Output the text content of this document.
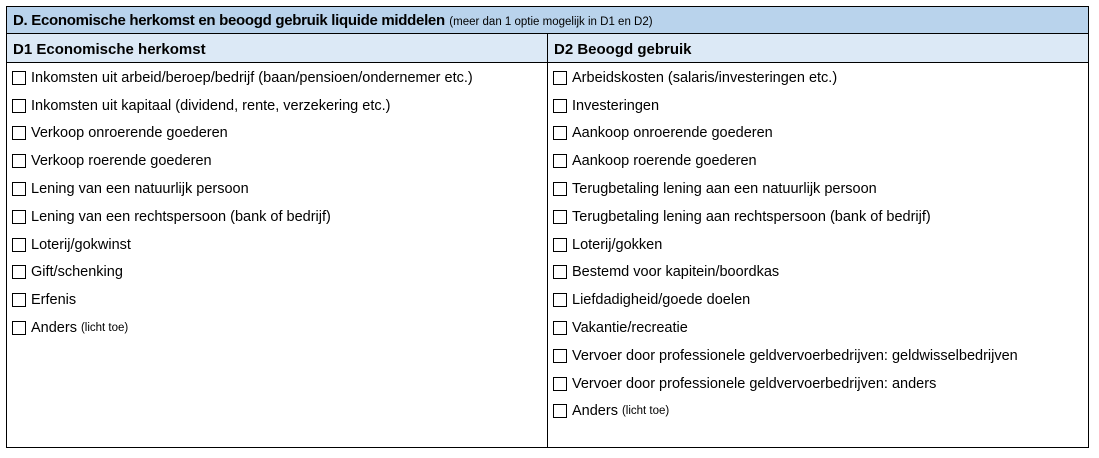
D. Economische herkomst en beoogd gebruik liquide middelen (meer dan 1 optie mogelijk in D1 en D2)
D1 Economische herkomst	D2 Beoogd gebruik
Inkomsten uit arbeid/beroep/bedrijf (baan/pensioen/ondernemer etc.)
Inkomsten uit kapitaal (dividend, rente, verzekering etc.)
Verkoop onroerende goederen
Verkoop roerende goederen
Lening van een natuurlijk persoon
Lening van een rechtspersoon (bank of bedrijf)
Loterij/gokwinst
Gift/schenking
Erfenis
Anders (licht toe)
Arbeidskosten (salaris/investeringen etc.)
Investeringen
Aankoop onroerende goederen
Aankoop roerende goederen
Terugbetaling lening aan een natuurlijk persoon
Terugbetaling lening aan rechtspersoon (bank of bedrijf)
Loterij/gokken
Bestemd voor kapitein/boordkas
Liefdadigheid/goede doelen
Vakantie/recreatie
Vervoer door professionele geldvervoerbedrijven: geldwisselbedrijven
Vervoer door professionele geldvervoerbedrijven: anders
Anders (licht toe)
